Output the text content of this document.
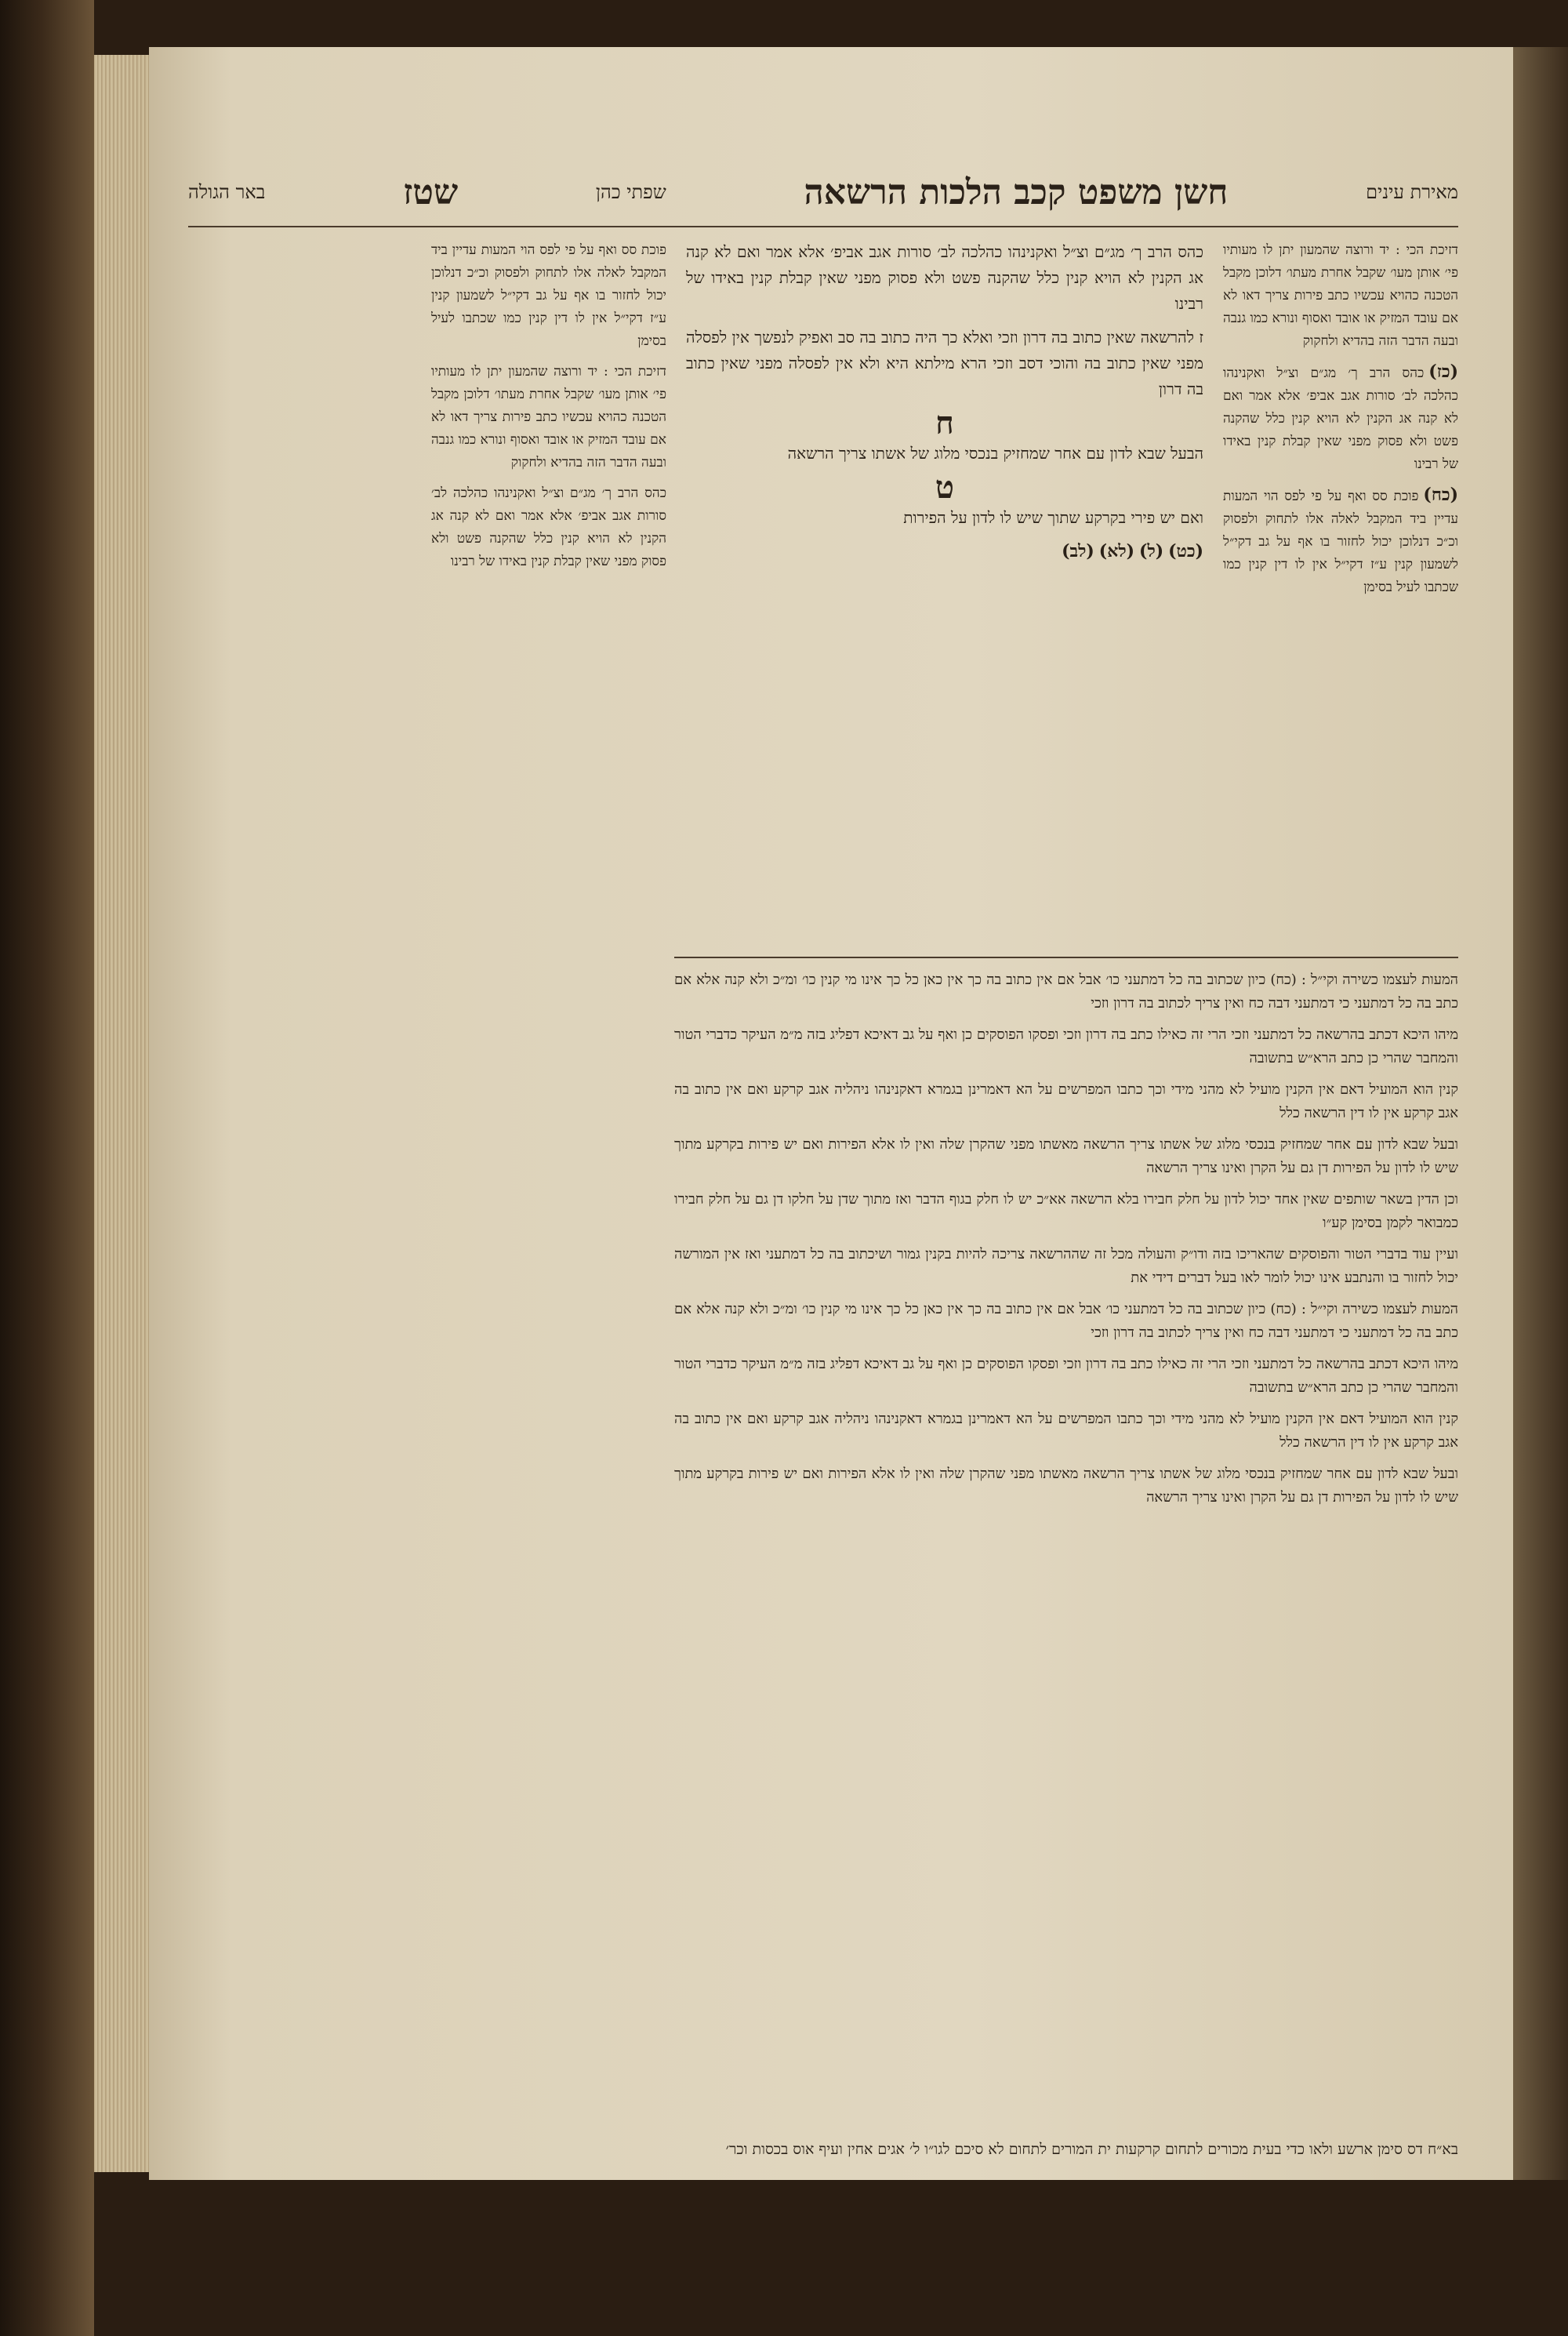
מאירת עינים
חשן משפט קכב הלכות הרשאה
שפתי כהן
שטז
באר הגולה

דזיכת הכי : יד ורוצה שהמעון יתן לו מעותיו פי׳ אותן מעו׳ שקבל אחרת מעתו׳ דלוכן מקבל הטכנה כהויא עכשיו כתב פירות צריך דאו לא אם עובד המזיק או אובד ואסוף ונורא כמו גנבה ובעה הדבר הזה בהדיא ולחקוק

(כז)כהס הרב ך׳ מג״ם וצ״ל ואקנינהו כהלכה לב׳ סורות אגב אביפ׳ אלא אמר ואם לא קנה אג הקנין לא הויא קנין כלל שהקנה פשט ולא פסוק מפני שאין קבלת קנין באידו של רבינו

(כח)פוכת סס ואף על פי לפס הוי המעות עדיין ביד המקבל לאלה אלו לתחוק ולפסוק וכ״כ דנלוכן יכול לחזור בו אף על גב דקי״ל לשמעון קנין ע״ז דקי״ל אין לו דין קנין כמו שכתבו לעיל בסימן

כהס הרב ך׳ מג״ם וצ״ל ואקנינהו כהלכה לב׳ סורות אגב אביפ׳ אלא אמר ואם לא קנה אג הקנין לא הויא קנין כלל שהקנה פשט ולא פסוק מפני שאין קבלת קנין באידו של רבינו

ז להרשאה שאין כתוב בה דרון וזכי ואלא כך היה כתוב בה סב ואפיק לנפשך אין לפסלה מפני שאין כתוב בה והוכי דסב וזכי הרא מילתא היא ולא אין לפסלה מפני שאין כתוב בה דרון

ח

הבעל שבא לדון עם אחר שמחזיק בנכסי מלוג של אשתו צריך הרשאה

ט

ואם יש פירי בקרקע שתוך שיש לו לדון על הפירות

(כט)(ל)(לא)(לב)

פוכת סס ואף על פי לפס הוי המעות עדיין ביד המקבל לאלה אלו לתחוק ולפסוק וכ״כ דנלוכן יכול לחזור בו אף על גב דקי״ל לשמעון קנין ע״ז דקי״ל אין לו דין קנין כמו שכתבו לעיל בסימן

דזיכת הכי : יד ורוצה שהמעון יתן לו מעותיו פי׳ אותן מעו׳ שקבל אחרת מעתו׳ דלוכן מקבל הטכנה כהויא עכשיו כתב פירות צריך דאו לא אם עובד המזיק או אובד ואסוף ונורא כמו גנבה ובעה הדבר הזה בהדיא ולחקוק

כהס הרב ך׳ מג״ם וצ״ל ואקנינהו כהלכה לב׳ סורות אגב אביפ׳ אלא אמר ואם לא קנה אג הקנין לא הויא קנין כלל שהקנה פשט ולא פסוק מפני שאין קבלת קנין באידו של רבינו

המעות לעצמו כשירה וקי״ל : (כח) כיון שכתוב בה כל דמתעני כו׳ אבל אם אין כתוב בה כך אין כאן כל כך אינו מי קנין כו׳ ומ״כ ולא קנה אלא אם כתב בה כל דמתעני כי דמתעני דבה כח ואין צריך לכתוב בה דרון וזכי

מיהו היכא דכתב בהרשאה כל דמתעני וזכי הרי זה כאילו כתב בה דרון וזכי ופסקו הפוסקים כן ואף על גב דאיכא דפליג בזה מ״מ העיקר כדברי הטור והמחבר שהרי כן כתב הרא״ש בתשובה

קנין הוא המועיל דאם אין הקנין מועיל לא מהני מידי וכך כתבו המפרשים על הא דאמרינן בגמרא דאקנינהו ניהליה אגב קרקע ואם אין כתוב בה אגב קרקע אין לו דין הרשאה כלל

ובעל שבא לדון עם אחר שמחזיק בנכסי מלוג של אשתו צריך הרשאה מאשתו מפני שהקרן שלה ואין לו אלא הפירות ואם יש פירות בקרקע מתוך שיש לו לדון על הפירות דן גם על הקרן ואינו צריך הרשאה

וכן הדין בשאר שותפים שאין אחד יכול לדון על חלק חבירו בלא הרשאה אא״כ יש לו חלק בגוף הדבר ואז מתוך שדן על חלקו דן גם על חלק חבירו כמבואר לקמן בסימן קע״ו

ועיין עוד בדברי הטור והפוסקים שהאריכו בזה ודו״ק והעולה מכל זה שההרשאה צריכה להיות בקנין גמור ושיכתוב בה כל דמתעני ואז אין המורשה יכול לחזור בו והנתבע אינו יכול לומר לאו בעל דברים דידי את

המעות לעצמו כשירה וקי״ל : (כח) כיון שכתוב בה כל דמתעני כו׳ אבל אם אין כתוב בה כך אין כאן כל כך אינו מי קנין כו׳ ומ״כ ולא קנה אלא אם כתב בה כל דמתעני כי דמתעני דבה כח ואין צריך לכתוב בה דרון וזכי

מיהו היכא דכתב בהרשאה כל דמתעני וזכי הרי זה כאילו כתב בה דרון וזכי ופסקו הפוסקים כן ואף על גב דאיכא דפליג בזה מ״מ העיקר כדברי הטור והמחבר שהרי כן כתב הרא״ש בתשובה

קנין הוא המועיל דאם אין הקנין מועיל לא מהני מידי וכך כתבו המפרשים על הא דאמרינן בגמרא דאקנינהו ניהליה אגב קרקע ואם אין כתוב בה אגב קרקע אין לו דין הרשאה כלל

ובעל שבא לדון עם אחר שמחזיק בנכסי מלוג של אשתו צריך הרשאה מאשתו מפני שהקרן שלה ואין לו אלא הפירות ואם יש פירות בקרקע מתוך שיש לו לדון על הפירות דן גם על הקרן ואינו צריך הרשאה

בא״ח דס סימן ארשע ולאו כדי בעית מכורים לתחום קרקעות ית המורים לתחום לא סיכם לגו״ו ל׳ אגים אחין ועיף אוס בכסות וכר׳
